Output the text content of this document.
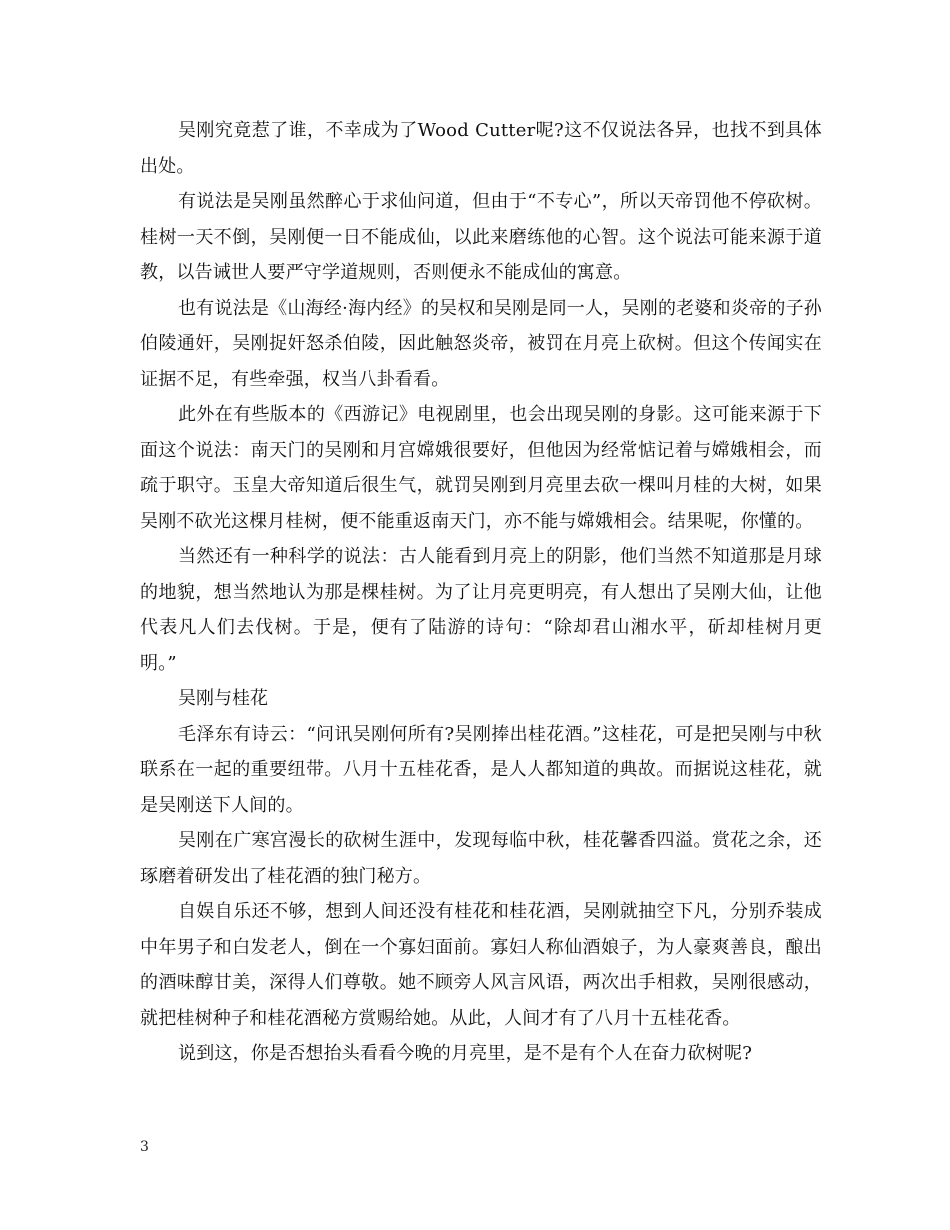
吴刚究竟惹了谁，不幸成为了Wood Cutter呢?这不仅说法各异，也找不到具体出处。

有说法是吴刚虽然醉心于求仙问道，但由于“不专心”，所以天帝罚他不停砍树。桂树一天不倒，吴刚便一日不能成仙，以此来磨练他的心智。这个说法可能来源于道教，以告诫世人要严守学道规则，否则便永不能成仙的寓意。

也有说法是《山海经·海内经》的吴权和吴刚是同一人，吴刚的老婆和炎帝的子孙伯陵通奸，吴刚捉奸怒杀伯陵，因此触怒炎帝，被罚在月亮上砍树。但这个传闻实在证据不足，有些牵强，权当八卦看看。

此外在有些版本的《西游记》电视剧里，也会出现吴刚的身影。这可能来源于下面这个说法：南天门的吴刚和月宫嫦娥很要好，但他因为经常惦记着与嫦娥相会，而疏于职守。玉皇大帝知道后很生气，就罚吴刚到月亮里去砍一棵叫月桂的大树，如果吴刚不砍光这棵月桂树，便不能重返南天门，亦不能与嫦娥相会。结果呢，你懂的。

当然还有一种科学的说法：古人能看到月亮上的阴影，他们当然不知道那是月球的地貌，想当然地认为那是棵桂树。为了让月亮更明亮，有人想出了吴刚大仙，让他代表凡人们去伐树。于是，便有了陆游的诗句：“除却君山湘水平，斫却桂树月更明。”

吴刚与桂花

毛泽东有诗云：“问讯吴刚何所有?吴刚捧出桂花酒。”这桂花，可是把吴刚与中秋联系在一起的重要纽带。八月十五桂花香，是人人都知道的典故。而据说这桂花，就是吴刚送下人间的。

吴刚在广寒宫漫长的砍树生涯中，发现每临中秋，桂花馨香四溢。赏花之余，还琢磨着研发出了桂花酒的独门秘方。

自娱自乐还不够，想到人间还没有桂花和桂花酒，吴刚就抽空下凡，分别乔装成中年男子和白发老人，倒在一个寡妇面前。寡妇人称仙酒娘子，为人豪爽善良，酿出的酒味醇甘美，深得人们尊敬。她不顾旁人风言风语，两次出手相救，吴刚很感动，就把桂树种子和桂花酒秘方赏赐给她。从此，人间才有了八月十五桂花香。

说到这，你是否想抬头看看今晚的月亮里，是不是有个人在奋力砍树呢?

3
